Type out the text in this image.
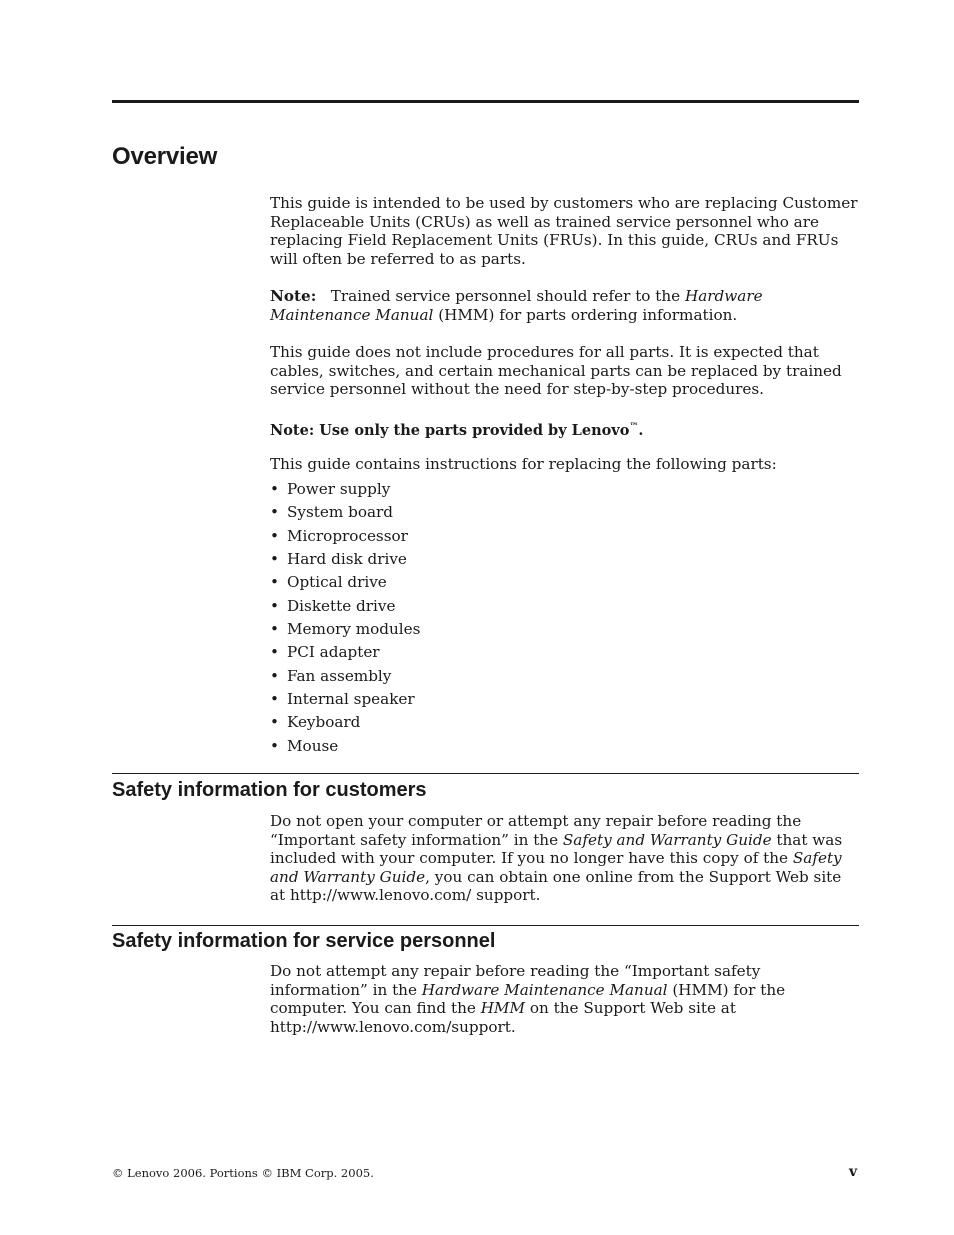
Overview

This guide is intended to be used by customers who are replacing Customer Replaceable Units (CRUs) as well as trained service personnel who are replacing Field Replacement Units (FRUs). In this guide, CRUs and FRUs will often be referred to as parts.

Note: Trained service personnel should refer to the Hardware Maintenance Manual (HMM) for parts ordering information.

This guide does not include procedures for all parts. It is expected that cables, switches, and certain mechanical parts can be replaced by trained service personnel without the need for step-by-step procedures.

Note: Use only the parts provided by Lenovo™.

This guide contains instructions for replacing the following parts:

• Power supply
• System board
• Microprocessor
• Hard disk drive
• Optical drive
• Diskette drive
• Memory modules
• PCI adapter
• Fan assembly
• Internal speaker
• Keyboard
• Mouse
Safety information for customers

Do not open your computer or attempt any repair before reading the “Important safety information” in the Safety and Warranty Guide that was included with your computer. If you no longer have this copy of the Safety and Warranty Guide, you can obtain one online from the Support Web site at http://www.lenovo.com/ support.

Safety information for service personnel

Do not attempt any repair before reading the “Important safety information” in the Hardware Maintenance Manual (HMM) for the computer. You can find the HMM on the Support Web site at http://www.lenovo.com/support.

© Lenovo 2006. Portions © IBM Corp. 2005.	v
